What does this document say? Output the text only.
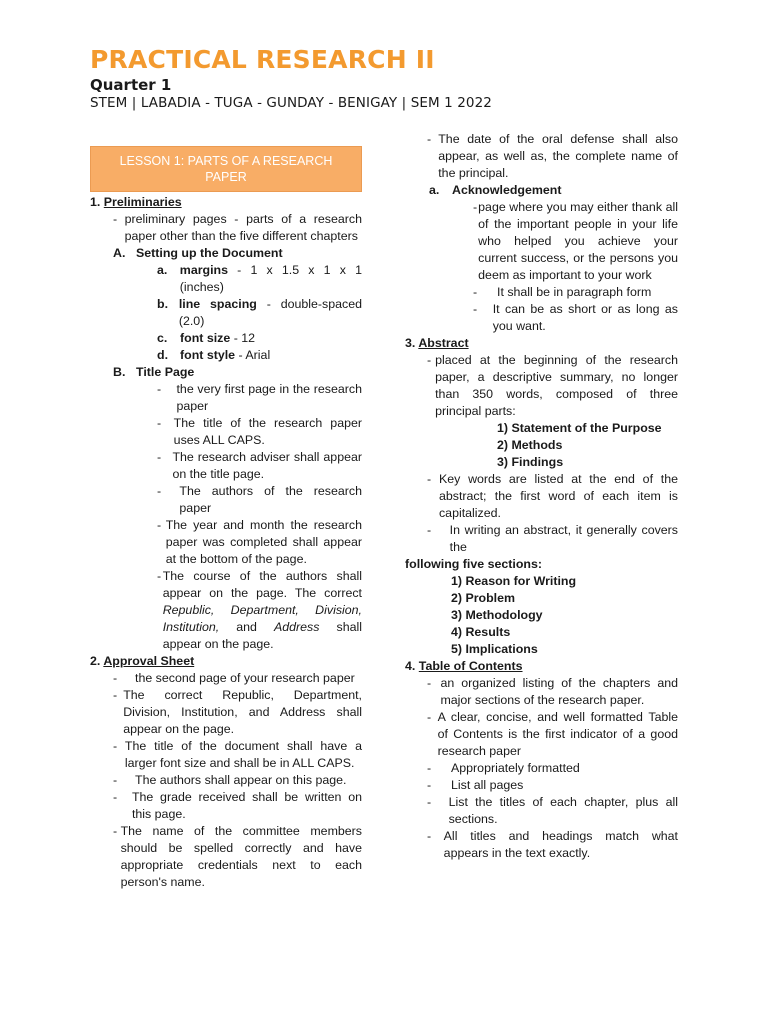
PRACTICAL RESEARCH II
Quarter 1
STEM | LABADIA - TUGA - GUNDAY - BENIGAY | SEM 1 2022
LESSON 1: PARTS OF A RESEARCH PAPER
1. Preliminaries
- preliminary pages - parts of a research paper other than the five different chapters
A. Setting up the Document
a.	margins - 1 x 1.5 x 1 x 1 (inches)
b. line spacing - double-spaced (2.0)
c.	font size - 12
d. font style - Arial
B. Title Page
-	the very first page in the research paper
-	The title of the research paper uses ALL CAPS.
- The research adviser shall appear on the title page.
-	The authors of the research paper
- The year and month the research paper was completed shall appear at the bottom of the page.
- The course of the authors shall appear on the page. The correct Republic, Department, Division, Institution, and Address shall appear on the page.
2. Approval Sheet
-	the second page of your research paper
- The correct Republic, Department, Division, Institution, and Address shall appear on the page.
- The title of the document shall have a larger font size and shall be in ALL CAPS.
-	The authors shall appear on this page.
-	The grade received shall be written on this page.
- The name of the committee members should be spelled correctly and have appropriate credentials next to each person's name.
- The date of the oral defense shall also appear, as well as, the complete name of the principal.
a.	Acknowledgement
- page where you may either thank all of the important people in your life who helped you achieve your current success, or the persons you deem as important to your work
-	It shall be in paragraph form
-	It can be as short or as long as you want.
3. Abstract
- placed at the beginning of the research paper, a descriptive summary, no longer than 350 words, composed of three principal parts:
1) Statement of the Purpose
2) Methods
3) Findings
- Key words are listed at the end of the abstract; the first word of each item is capitalized.
-	In writing an abstract, it generally covers the
following five sections:
1) Reason for Writing
2) Problem
3) Methodology
4) Results
5) Implications
4. Table of Contents
- an organized listing of the chapters and major sections of the research paper.
- A clear, concise, and well formatted Table of Contents is the first indicator of a good research paper
-	Appropriately formatted
-	List all pages
-	List the titles of each chapter, plus all sections.
-	All titles and headings match what appears in the text exactly.
